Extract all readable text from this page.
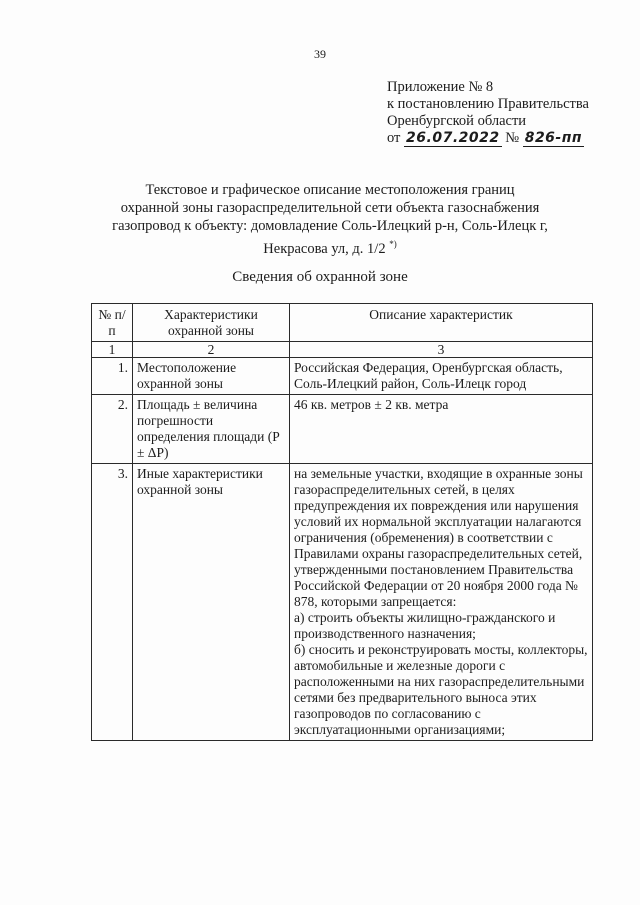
39
Приложение № 8
к постановлению Правительства
Оренбургской области
от 26.07.2022 № 826-пп
Текстовое и графическое описание местоположения границ
охранной зоны газораспределительной сети объекта газоснабжения
газопровод к объекту: домовладение Соль-Илецкий р-н, Соль-Илецк г,
Некрасова ул, д. 1/2 *)
Сведения об охранной зоне
№ п/п	Характеристики охранной зоны	Описание характеристик
1	2	3
1.	Местоположение охранной зоны	Российская Федерация, Оренбургская область, Соль-Илецкий район, Соль-Илецк город
2.	Площадь ± величина погрешности определения площади (P ± ΔP)	46 кв. метров ± 2 кв. метра
3.	Иные характеристики охранной зоны	на земельные участки, входящие в охранные зоны газораспределительных сетей, в целях предупреждения их повреждения или нарушения условий их нормальной эксплуатации налагаются ограничения (обременения) в соответствии с Правилами охраны газораспределительных сетей, утвержденными постановлением Правительства Российской Федерации от 20 ноября 2000 года № 878, которыми запрещается:
а) строить объекты жилищно-гражданского и производственного назначения;
б) сносить и реконструировать мосты, коллекторы, автомобильные и железные дороги с расположенными на них газораспределительными сетями без предварительного выноса этих газопроводов по согласованию с эксплуатационными организациями;
